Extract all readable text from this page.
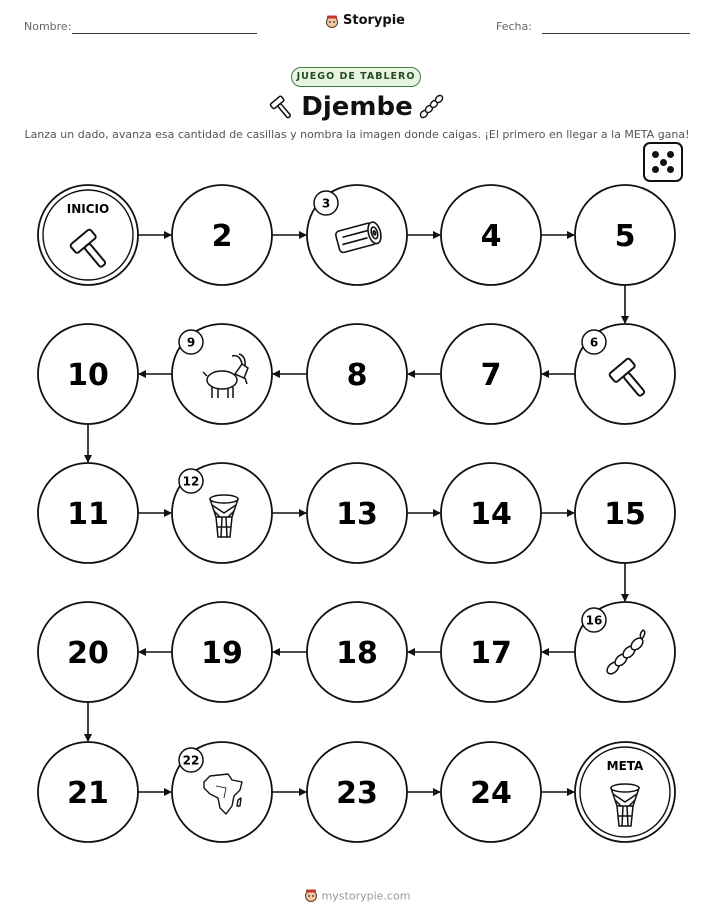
Nombre:	Storypie	Fecha:
JUEGO DE TABLERO
Djembe
Lanza un dado, avanza esa cantidad de casillas y nombra la imagen donde caigas. ¡El primero en llegar a la META gana!
INICIO
2
3
4	5
6
7
8
9
10
11
12
13	14	15
16
17
18
19
20
21
22
23	24
META
mystorypie.com
